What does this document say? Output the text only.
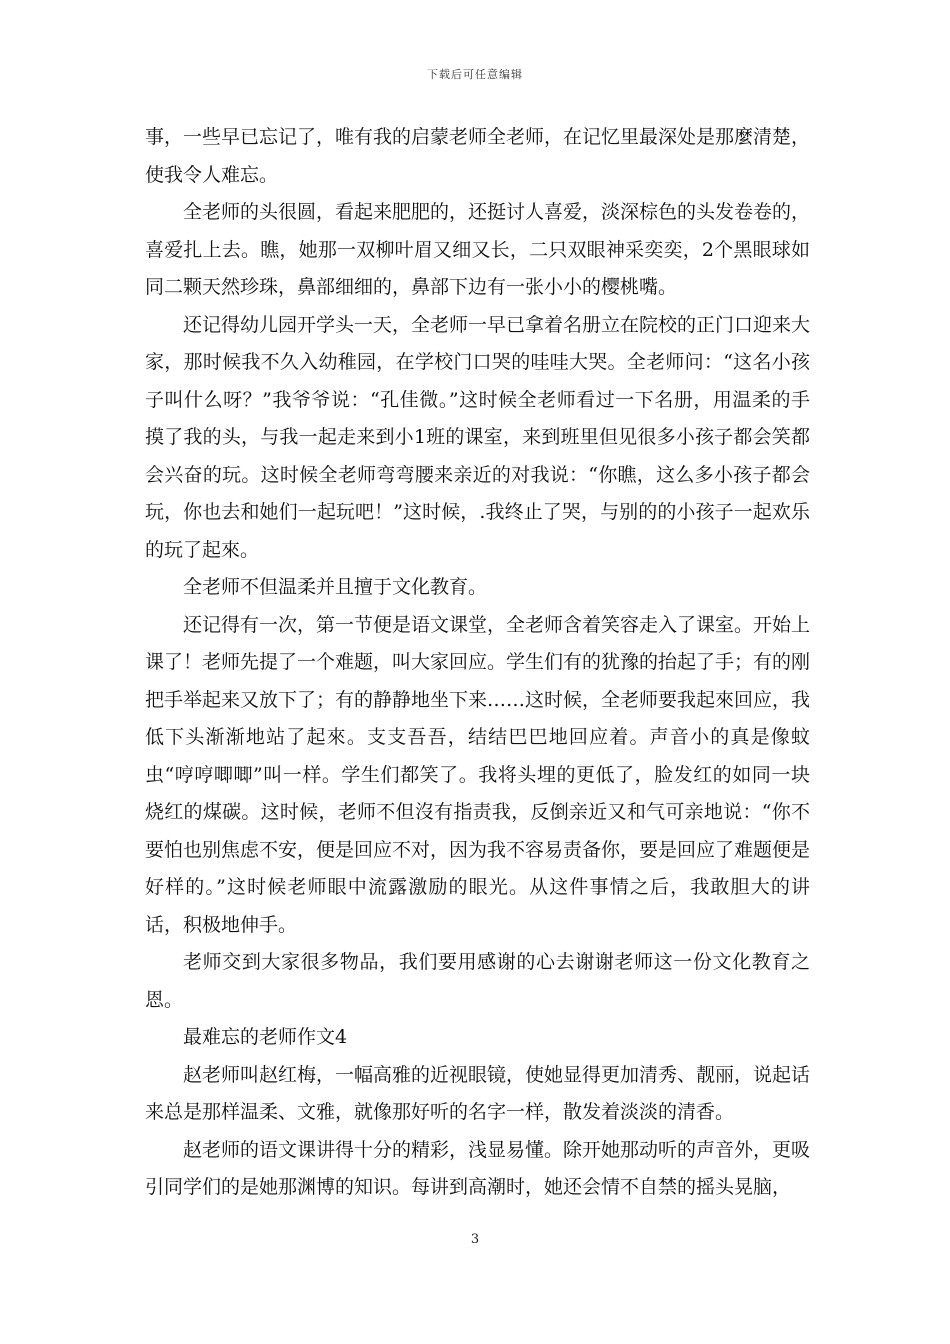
下载后可任意编辑

事，一些早已忘记了，唯有我的启蒙老师全老师，在记忆里最深处是那麼清楚，使我令人难忘。

全老师的头很圆，看起来肥肥的，还挺讨人喜爱，淡深棕色的头发卷卷的，喜爱扎上去。瞧，她那一双柳叶眉又细又长，二只双眼神采奕奕，2个黑眼球如同二颗天然珍珠，鼻部细细的，鼻部下边有一张小小的樱桃嘴。

还记得幼儿园开学头一天，全老师一早已拿着名册立在院校的正门口迎来大家，那时候我不久入幼稚园，在学校门口哭的哇哇大哭。全老师问：“这名小孩子叫什么呀？”我爷爷说：“孔佳微。”这时候全老师看过一下名册，用温柔的手摸了我的头，与我一起走来到小1班的课室，来到班里但见很多小孩子都会笑都会兴奋的玩。这时候全老师弯弯腰来亲近的对我说：“你瞧，这么多小孩子都会玩，你也去和她们一起玩吧！”这时候，.我终止了哭，与别的的小孩子一起欢乐的玩了起來。

全老师不但温柔并且擅于文化教育。

还记得有一次，第一节便是语文课堂，全老师含着笑容走入了课室。开始上课了！老师先提了一个难题，叫大家回应。学生们有的犹豫的抬起了手；有的刚把手举起来又放下了；有的静静地坐下来……这时候，全老师要我起來回应，我低下头渐渐地站了起來。支支吾吾，结结巴巴地回应着。声音小的真是像蚊虫“哼哼唧唧”叫一样。学生们都笑了。我将头埋的更低了，脸发红的如同一块烧红的煤碳。这时候，老师不但沒有指责我，反倒亲近又和气可亲地说：“你不要怕也别焦虑不安，便是回应不对，因为我不容易责备你，要是回应了难题便是好样的。”这时候老师眼中流露激励的眼光。从这件事情之后，我敢胆大的讲话，积极地伸手。

老师交到大家很多物品，我们要用感谢的心去谢谢老师这一份文化教育之恩。

最难忘的老师作文4

赵老师叫赵红梅，一幅高雅的近视眼镜，使她显得更加清秀、靓丽，说起话来总是那样温柔、文雅，就像那好听的名字一样，散发着淡淡的清香。

赵老师的语文课讲得十分的精彩，浅显易懂。除开她那动听的声音外，更吸引同学们的是她那渊博的知识。每讲到高潮时，她还会情不自禁的摇头晃脑，

3
